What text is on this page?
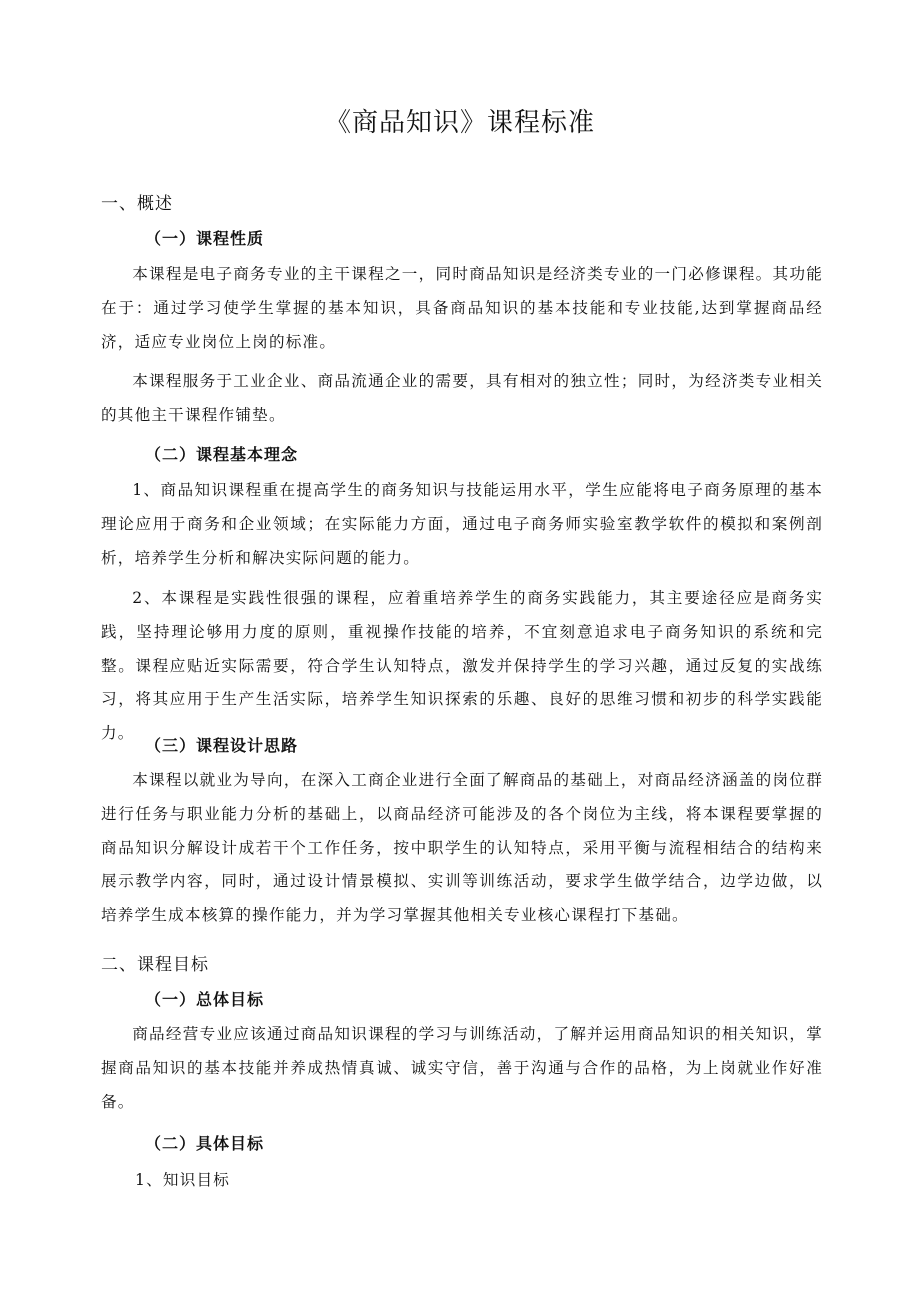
《商品知识》课程标准
一、概述
（一）课程性质

本课程是电子商务专业的主干课程之一，同时商品知识是经济类专业的一门必修课程。其功能在于：通过学习使学生掌握的基本知识，具备商品知识的基本技能和专业技能,达到掌握商品经济，适应专业岗位上岗的标准。

本课程服务于工业企业、商品流通企业的需要，具有相对的独立性；同时，为经济类专业相关的其他主干课程作铺垫。

（二）课程基本理念

1、商品知识课程重在提高学生的商务知识与技能运用水平，学生应能将电子商务原理的基本理论应用于商务和企业领域；在实际能力方面，通过电子商务师实验室教学软件的模拟和案例剖析，培养学生分析和解决实际问题的能力。

2、本课程是实践性很强的课程，应着重培养学生的商务实践能力，其主要途径应是商务实践，坚持理论够用力度的原则，重视操作技能的培养，不宜刻意追求电子商务知识的系统和完整。课程应贴近实际需要，符合学生认知特点，激发并保持学生的学习兴趣，通过反复的实战练习，将其应用于生产生活实际，培养学生知识探索的乐趣、良好的思维习惯和初步的科学实践能力。

（三）课程设计思路

本课程以就业为导向，在深入工商企业进行全面了解商品的基础上，对商品经济涵盖的岗位群进行任务与职业能力分析的基础上，以商品经济可能涉及的各个岗位为主线，将本课程要掌握的商品知识分解设计成若干个工作任务，按中职学生的认知特点，采用平衡与流程相结合的结构来展示教学内容，同时，通过设计情景模拟、实训等训练活动，要求学生做学结合，边学边做，以培养学生成本核算的操作能力，并为学习掌握其他相关专业核心课程打下基础。

二、课程目标
（一）总体目标

商品经营专业应该通过商品知识课程的学习与训练活动，了解并运用商品知识的相关知识，掌握商品知识的基本技能并养成热情真诚、诚实守信，善于沟通与合作的品格，为上岗就业作好准备。

（二）具体目标

1、知识目标
